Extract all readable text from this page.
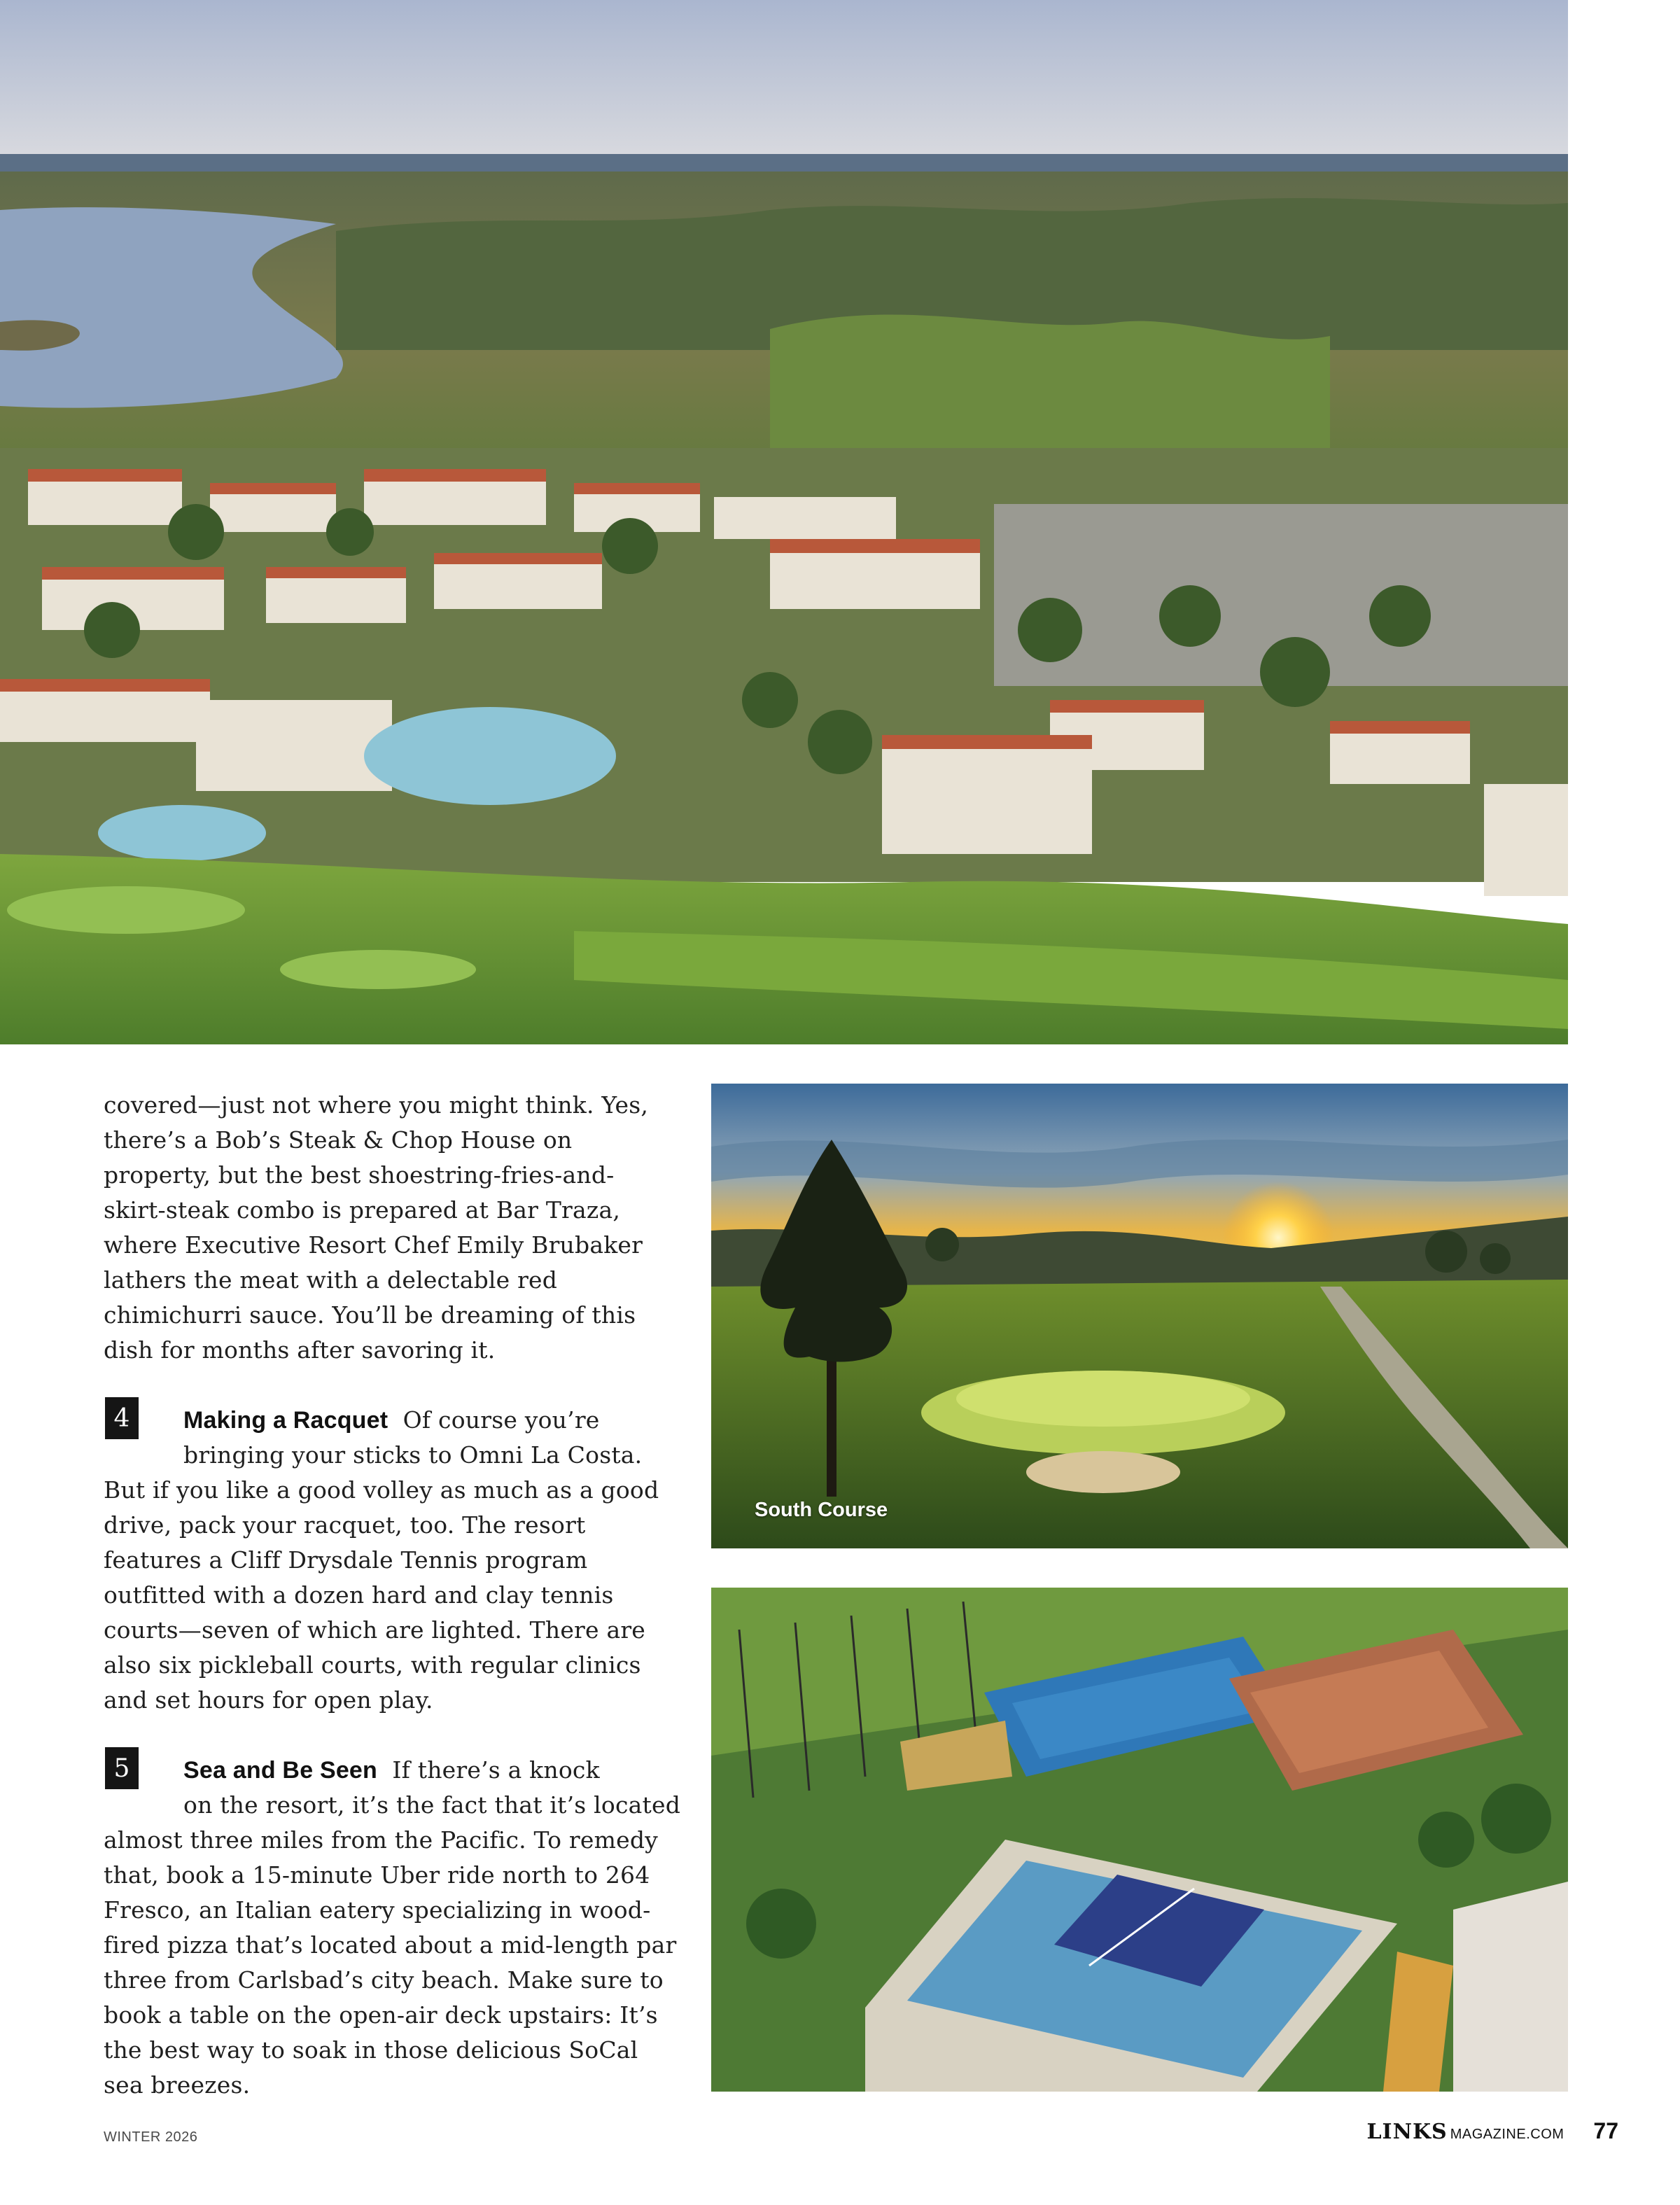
covered—just not where you might think. Yes,
there’s a Bob’s Steak & Chop House on
property, but the best shoestring-fries-and-
skirt-steak combo is prepared at Bar Traza,
where Executive Resort Chef Emily Brubaker
lathers the meat with a delectable red
chimichurri sauce. You’ll be dreaming of this
dish for months after savoring it.
4	Making a Racquet Of course you’re
bringing your sticks to Omni La Costa.
But if you like a good volley as much as a good
drive, pack your racquet, too. The resort
features a Cliff Drysdale Tennis program
outfitted with a dozen hard and clay tennis
courts—seven of which are lighted. There are
also six pickleball courts, with regular clinics
and set hours for open play.
5	Sea and Be Seen If there’s a knock
on the resort, it’s the fact that it’s located
almost three miles from the Pacific. To remedy
that, book a 15-minute Uber ride north to 264
Fresco, an Italian eatery specializing in wood-
fired pizza that’s located about a mid-length par
three from Carlsbad’s city beach. Make sure to
book a table on the open-air deck upstairs: It’s
the best way to soak in those delicious SoCal
sea breezes.
South Course
WINTER 2026	LINKS MAGAZINE.COM 77
